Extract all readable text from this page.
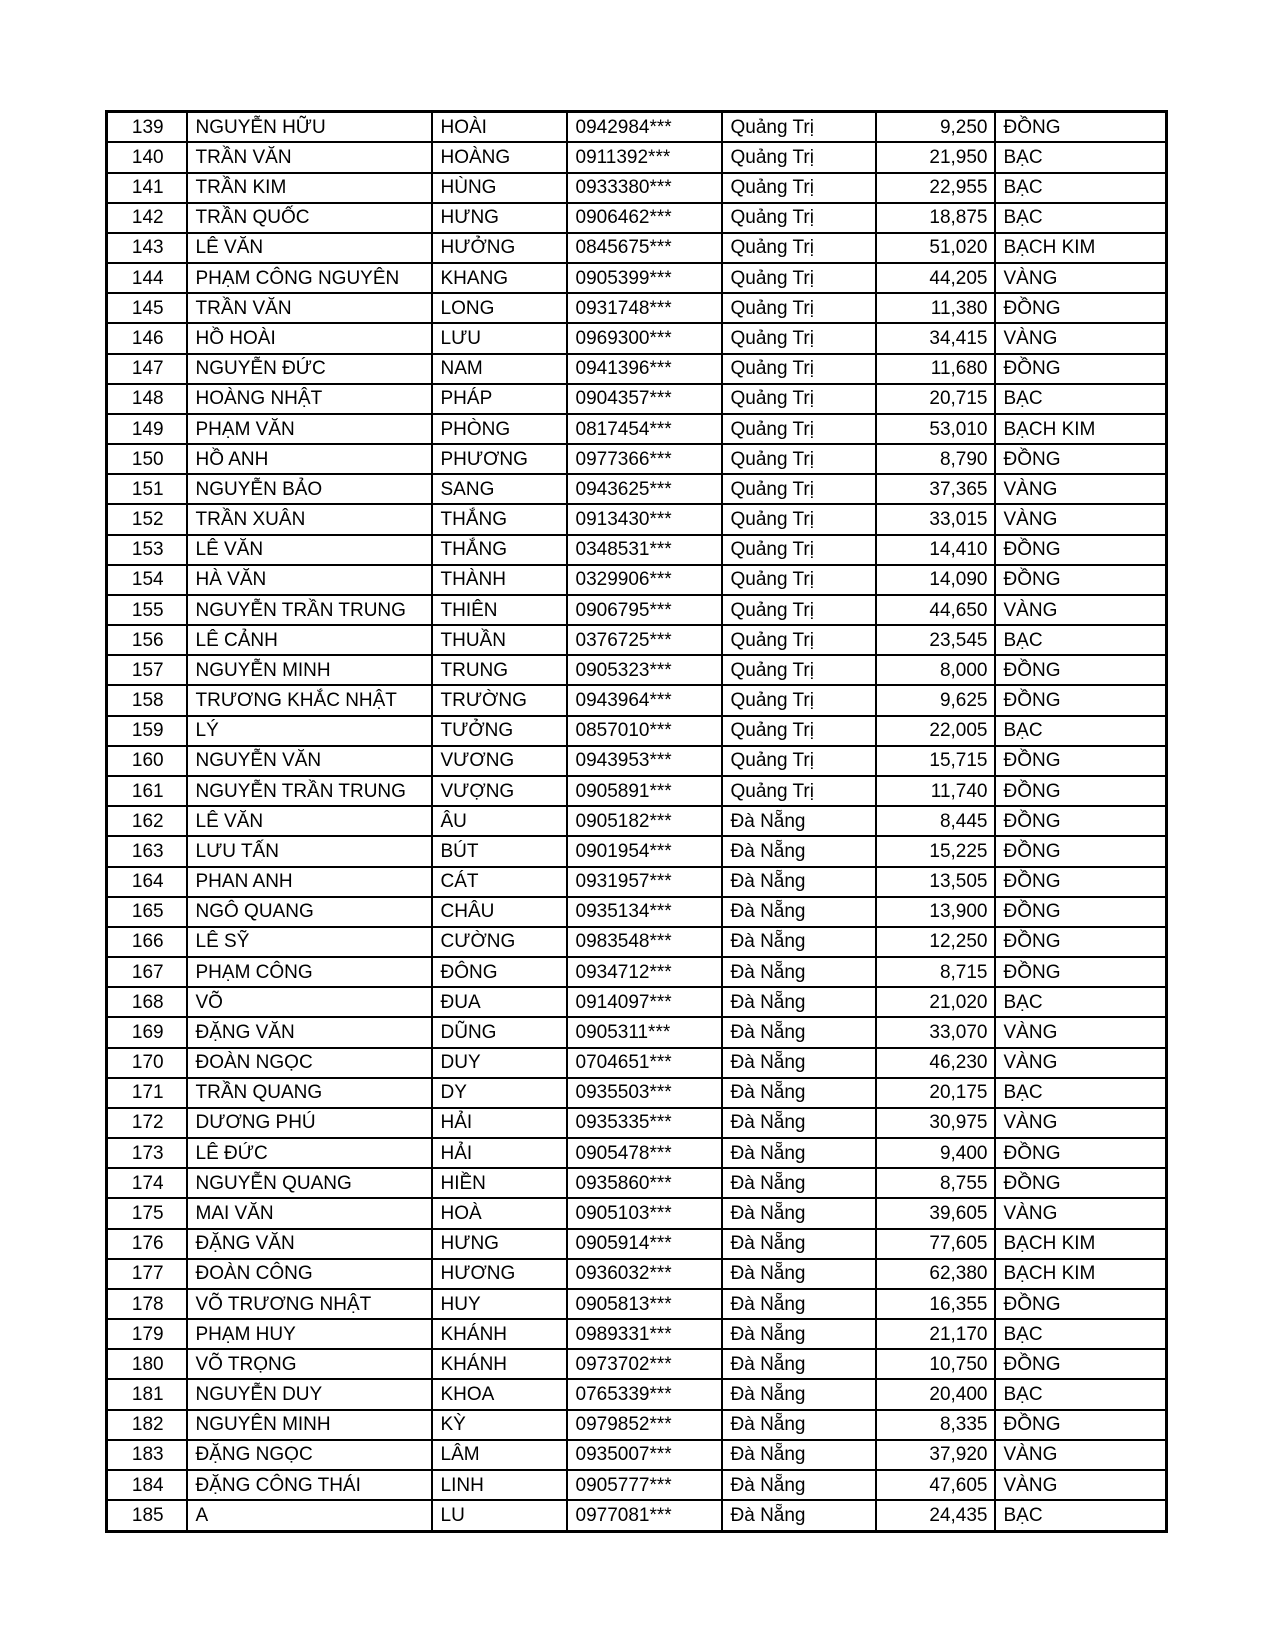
139	NGUYỄN HỮU	HOÀI	0942984***	Quảng Trị	9,250	ĐỒNG
140	TRẦN VĂN	HOÀNG	0911392***	Quảng Trị	21,950	BẠC
141	TRẦN KIM	HÙNG	0933380***	Quảng Trị	22,955	BẠC
142	TRẦN QUỐC	HƯNG	0906462***	Quảng Trị	18,875	BẠC
143	LÊ VĂN	HƯỞNG	0845675***	Quảng Trị	51,020	BẠCH KIM
144	PHẠM CÔNG NGUYÊN	KHANG	0905399***	Quảng Trị	44,205	VÀNG
145	TRẦN VĂN	LONG	0931748***	Quảng Trị	11,380	ĐỒNG
146	HỒ HOÀI	LƯU	0969300***	Quảng Trị	34,415	VÀNG
147	NGUYỄN ĐỨC	NAM	0941396***	Quảng Trị	11,680	ĐỒNG
148	HOÀNG NHẬT	PHÁP	0904357***	Quảng Trị	20,715	BẠC
149	PHẠM VĂN	PHÒNG	0817454***	Quảng Trị	53,010	BẠCH KIM
150	HỒ ANH	PHƯƠNG	0977366***	Quảng Trị	8,790	ĐỒNG
151	NGUYỄN BẢO	SANG	0943625***	Quảng Trị	37,365	VÀNG
152	TRẦN XUÂN	THẮNG	0913430***	Quảng Trị	33,015	VÀNG
153	LÊ VĂN	THẮNG	0348531***	Quảng Trị	14,410	ĐỒNG
154	HÀ VĂN	THÀNH	0329906***	Quảng Trị	14,090	ĐỒNG
155	NGUYỄN TRẦN TRUNG	THIÊN	0906795***	Quảng Trị	44,650	VÀNG
156	LÊ CẢNH	THUẦN	0376725***	Quảng Trị	23,545	BẠC
157	NGUYỄN MINH	TRUNG	0905323***	Quảng Trị	8,000	ĐỒNG
158	TRƯƠNG KHẮC NHẬT	TRƯỜNG	0943964***	Quảng Trị	9,625	ĐỒNG
159	LÝ	TƯỞNG	0857010***	Quảng Trị	22,005	BẠC
160	NGUYỄN VĂN	VƯƠNG	0943953***	Quảng Trị	15,715	ĐỒNG
161	NGUYỄN TRẦN TRUNG	VƯỢNG	0905891***	Quảng Trị	11,740	ĐỒNG
162	LÊ VĂN	ÂU	0905182***	Đà Nẵng	8,445	ĐỒNG
163	LƯU TẤN	BÚT	0901954***	Đà Nẵng	15,225	ĐỒNG
164	PHAN ANH	CÁT	0931957***	Đà Nẵng	13,505	ĐỒNG
165	NGÔ QUANG	CHÂU	0935134***	Đà Nẵng	13,900	ĐỒNG
166	LÊ SỸ	CƯỜNG	0983548***	Đà Nẵng	12,250	ĐỒNG
167	PHẠM CÔNG	ĐÔNG	0934712***	Đà Nẵng	8,715	ĐỒNG
168	VÕ	ĐUA	0914097***	Đà Nẵng	21,020	BẠC
169	ĐẶNG VĂN	DŨNG	0905311***	Đà Nẵng	33,070	VÀNG
170	ĐOÀN NGỌC	DUY	0704651***	Đà Nẵng	46,230	VÀNG
171	TRẦN QUANG	DY	0935503***	Đà Nẵng	20,175	BẠC
172	DƯƠNG PHÚ	HẢI	0935335***	Đà Nẵng	30,975	VÀNG
173	LÊ ĐỨC	HẢI	0905478***	Đà Nẵng	9,400	ĐỒNG
174	NGUYỄN QUANG	HIỀN	0935860***	Đà Nẵng	8,755	ĐỒNG
175	MAI VĂN	HOÀ	0905103***	Đà Nẵng	39,605	VÀNG
176	ĐẶNG VĂN	HƯNG	0905914***	Đà Nẵng	77,605	BẠCH KIM
177	ĐOÀN CÔNG	HƯƠNG	0936032***	Đà Nẵng	62,380	BẠCH KIM
178	VÕ TRƯƠNG NHẬT	HUY	0905813***	Đà Nẵng	16,355	ĐỒNG
179	PHẠM HUY	KHÁNH	0989331***	Đà Nẵng	21,170	BẠC
180	VÕ TRỌNG	KHÁNH	0973702***	Đà Nẵng	10,750	ĐỒNG
181	NGUYỄN DUY	KHOA	0765339***	Đà Nẵng	20,400	BẠC
182	NGUYÊN MINH	KỲ	0979852***	Đà Nẵng	8,335	ĐỒNG
183	ĐẶNG NGỌC	LÂM	0935007***	Đà Nẵng	37,920	VÀNG
184	ĐẶNG CÔNG THÁI	LINH	0905777***	Đà Nẵng	47,605	VÀNG
185	A	LU	0977081***	Đà Nẵng	24,435	BẠC
